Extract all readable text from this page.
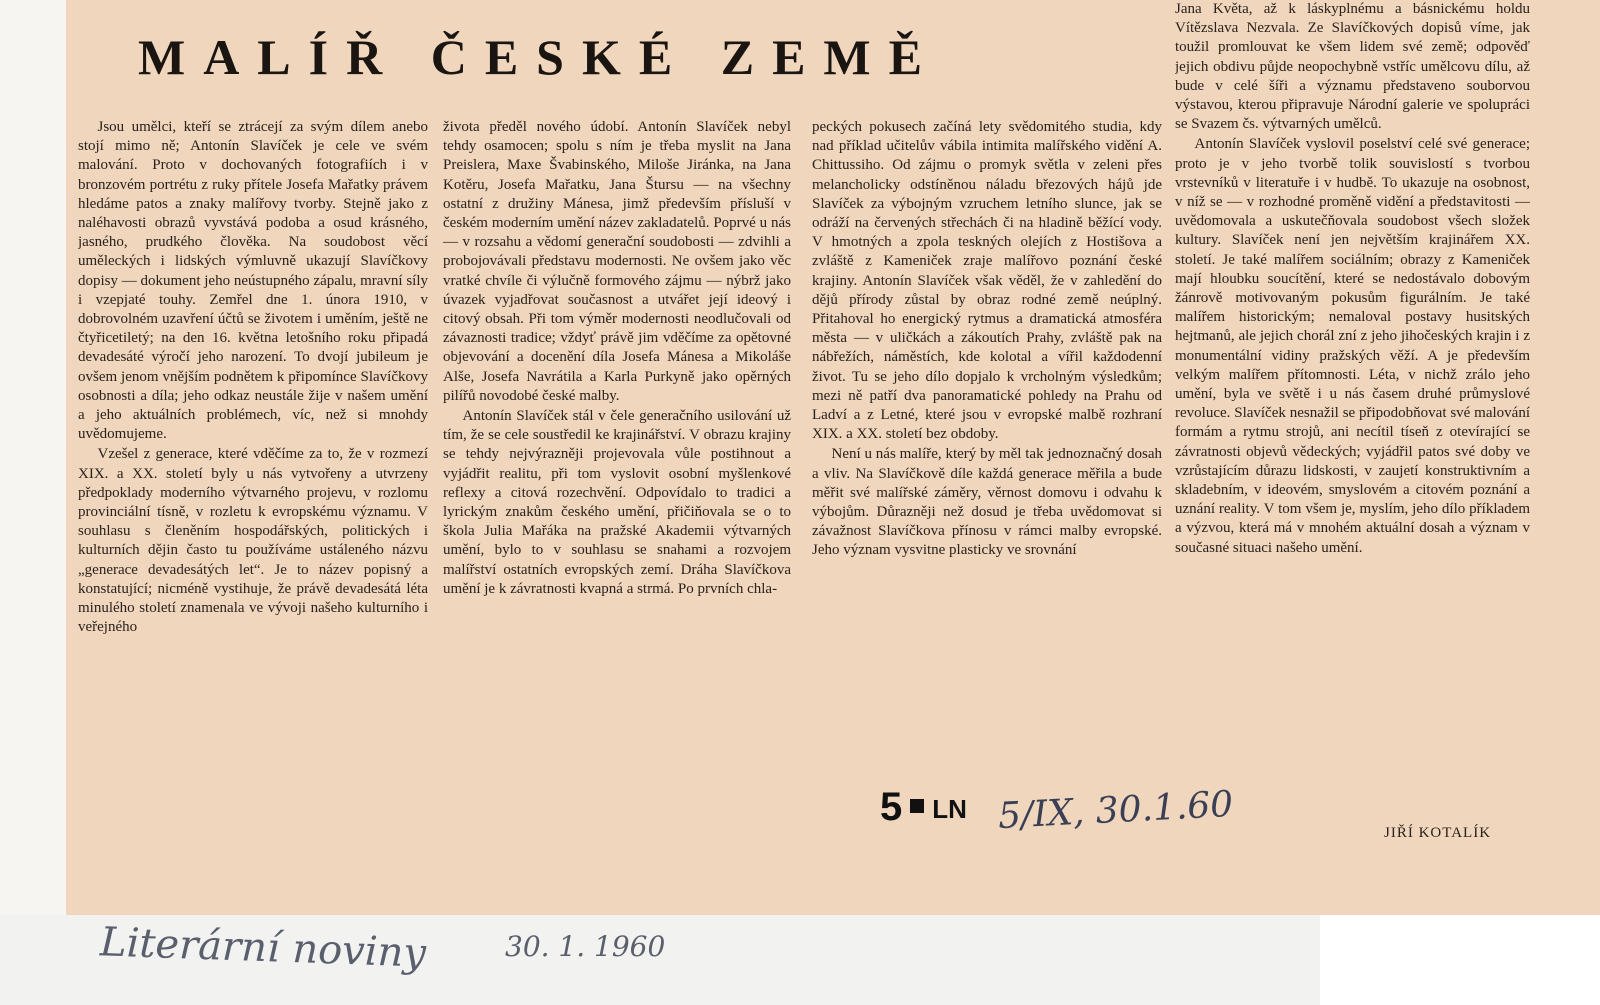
MALÍŘ ČESKÉ ZEMĚ

Jsou umělci, kteří se ztrácejí za svým dílem anebo stojí mimo ně; Antonín Slavíček je cele ve svém malování. Proto v dochovaných fotografiích i v bronzovém portrétu z ruky přítele Josefa Mařatky právem hledáme patos a znaky malířovy tvorby. Stejně jako z naléhavosti obrazů vyvstává podoba a osud krásného, jasného, prudkého člověka. Na soudobost věcí uměleckých i lidských výmluvně ukazují Slavíčkovy dopisy — dokument jeho neústupného zápalu, mravní síly i vzepjaté touhy. Zemřel dne 1. února 1910, v dobrovolném uzavření účtů se životem i uměním, ještě ne čtyřicetiletý; na den 16. května letošního roku připadá devadesáté výročí jeho narození. To dvojí jubileum je ovšem jenom vnějším podnětem k připomínce Slavíčkovy osobnosti a díla; jeho odkaz neustále žije v našem umění a jeho aktuálních problémech, víc, než si mnohdy uvědomujeme.

Vzešel z generace, které vděčíme za to, že v rozmezí XIX. a XX. století byly u nás vytvořeny a utvrzeny předpoklady moderního výtvarného projevu, v rozlomu provinciální tísně, v rozletu k evropskému významu. V souhlasu s členěním hospodářských, politických i kulturních dějin často tu používáme ustáleného názvu „generace devadesátých let“. Je to název popisný a konstatující; nicméně vystihuje, že právě devadesátá léta minulého století znamenala ve vývoji našeho kulturního i veřejného

života předěl nového údobí. Antonín Slavíček nebyl tehdy osamocen; spolu s ním je třeba myslit na Jana Preislera, Maxe Švabinského, Miloše Jiránka, na Jana Kotěru, Josefa Mařatku, Jana Štursu — na všechny ostatní z družiny Mánesa, jimž především přísluší v českém moderním umění název zakladatelů. Poprvé u nás — v rozsahu a vědomí generační soudobosti — zdvihli a probojovávali představu modernosti. Ne ovšem jako věc vratké chvíle či výlučně formového zájmu — nýbrž jako úvazek vyjadřovat současnost a utvářet její ideový i citový obsah. Při tom výměr modernosti neodlučovali od závaznosti tradice; vždyť právě jim vděčíme za opětovné objevování a docenění díla Josefa Mánesa a Mikoláše Alše, Josefa Navrátila a Karla Purkyně jako opěrných pilířů novodobé české malby.

Antonín Slavíček stál v čele generačního usilování už tím, že se cele soustředil ke krajinářství. V obrazu krajiny se tehdy nejvýrazněji projevovala vůle postihnout a vyjádřit realitu, při tom vyslovit osobní myšlenkové reflexy a citová rozechvění. Odpovídalo to tradici a lyrickým znakům českého umění, přičiňovala se o to škola Julia Mařáka na pražské Akademii výtvarných umění, bylo to v souhlasu se snahami a rozvojem malířství ostatních evropských zemí. Dráha Slavíčkova umění je k závratnosti kvapná a strmá. Po prvních chla-

peckých pokusech začíná lety svědomitého studia, kdy nad příklad učitelův vábila intimita malířského vidění A. Chittussiho. Od zájmu o promyk světla v zeleni přes melancholicky odstíněnou náladu březových hájů jde Slavíček za výbojným vzruchem letního slunce, jak se odráží na červených střechách či na hladině běžící vody. V hmotných a zpola teskných olejích z Hostišova a zvláště z Kameniček zraje malířovo poznání české krajiny. Antonín Slavíček však věděl, že v zahledění do dějů přírody zůstal by obraz rodné země neúplný. Přitahoval ho energický rytmus a dramatická atmosféra města — v uličkách a zákoutích Prahy, zvláště pak na nábřežích, náměstích, kde kolotal a vířil každodenní život. Tu se jeho dílo dopjalo k vrcholným výsledkům; mezi ně patří dva panoramatické pohledy na Prahu od Ladví a z Letné, které jsou v evropské malbě rozhraní XIX. a XX. století bez obdoby.

Není u nás malíře, který by měl tak jednoznačný dosah a vliv. Na Slavíčkově díle každá generace měřila a bude měřit své malířské záměry, věrnost domovu i odvahu k výbojům. Důrazněji než dosud je třeba uvědomovat si závažnost Slavíčkova přínosu v rámci malby evropské. Jeho význam vysvitne plasticky ve srovnání

Jana Květa, až k láskyplnému a básnickému holdu Vítězslava Nezvala. Ze Slavíčkových dopisů víme, jak toužil promlouvat ke všem lidem své země; odpověď jejich obdivu půjde neopochybně vstříc umělcovu dílu, až bude v celé šíři a významu představeno souborvou výstavou, kterou připravuje Národní galerie ve spolupráci se Svazem čs. výtvarných umělců.

Antonín Slavíček vyslovil poselství celé své generace; proto je v jeho tvorbě tolik souvislostí s tvorbou vrstevníků v literatuře i v hudbě. To ukazuje na osobnost, v níž se — v rozhodné proměně vidění a představitosti — uvědomovala a uskutečňovala soudobost všech složek kultury. Slavíček není jen největším krajinářem XX. století. Je také malířem sociálním; obrazy z Kameniček mají hloubku soucítění, které se nedostávalo dobovým žánrově motivovaným pokusům figurálním. Je také malířem historickým; nemaloval postavy husitských hejtmanů, ale jejich chorál zní z jeho jihočeských krajin i z monumentální vidiny pražských věží. A je především velkým malířem přítomnosti. Léta, v nichž zrálo jeho umění, byla ve světě i u nás časem druhé průmyslové revoluce. Slavíček nesnažil se připodobňovat své malování formám a rytmu strojů, ani necítil tíseň z otevírající se závratnosti objevů vědeckých; vyjádřil patos své doby ve vzrůstajícím důrazu lidskosti, v zaujetí konstruktivním a skladebním, v ideovém, smyslovém a citovém poznání a uznání reality. V tom všem je, myslím, jeho dílo příkladem a výzvou, která má v mnohém aktuální dosah a význam v současné situaci našeho umění.

JIŘÍ KOTALÍK
5 LN 5/IX, 30.1.60
Literární noviny	30. 1. 1960
